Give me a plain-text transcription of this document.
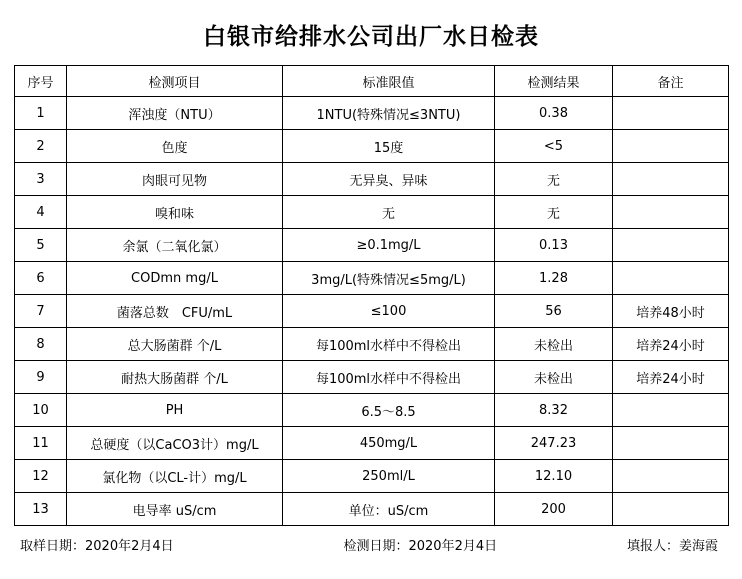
白银市给排水公司出厂水日检表
序号	检测项目	标准限值	检测结果	备注
1	浑浊度（NTU）	1NTU(特殊情况≤3NTU)	0.38	
2	色度	15度	<5	
3	肉眼可见物	无异臭、异味	无	
4	嗅和味	无	无	
5	余氯（二氧化氯）	≥0.1mg/L	0.13	
6	CODmn mg/L	3mg/L(特殊情况≤5mg/L)	1.28	
7	菌落总数　CFU/mL	≤100	56	培养48小时
8	总大肠菌群 个/L	每100ml水样中不得检出	未检出	培养24小时
9	耐热大肠菌群 个/L	每100ml水样中不得检出	未检出	培养24小时
10	PH	6.5～8.5	8.32	
11	总硬度（以CaCO3计）mg/L	450mg/L	247.23	
12	氯化物（以CL-计）mg/L	250ml/L	12.10	
13	电导率 uS/cm	单位：uS/cm	200	
取样日期：2020年2月4日	检测日期：2020年2月4日	填报人：姜海霞
